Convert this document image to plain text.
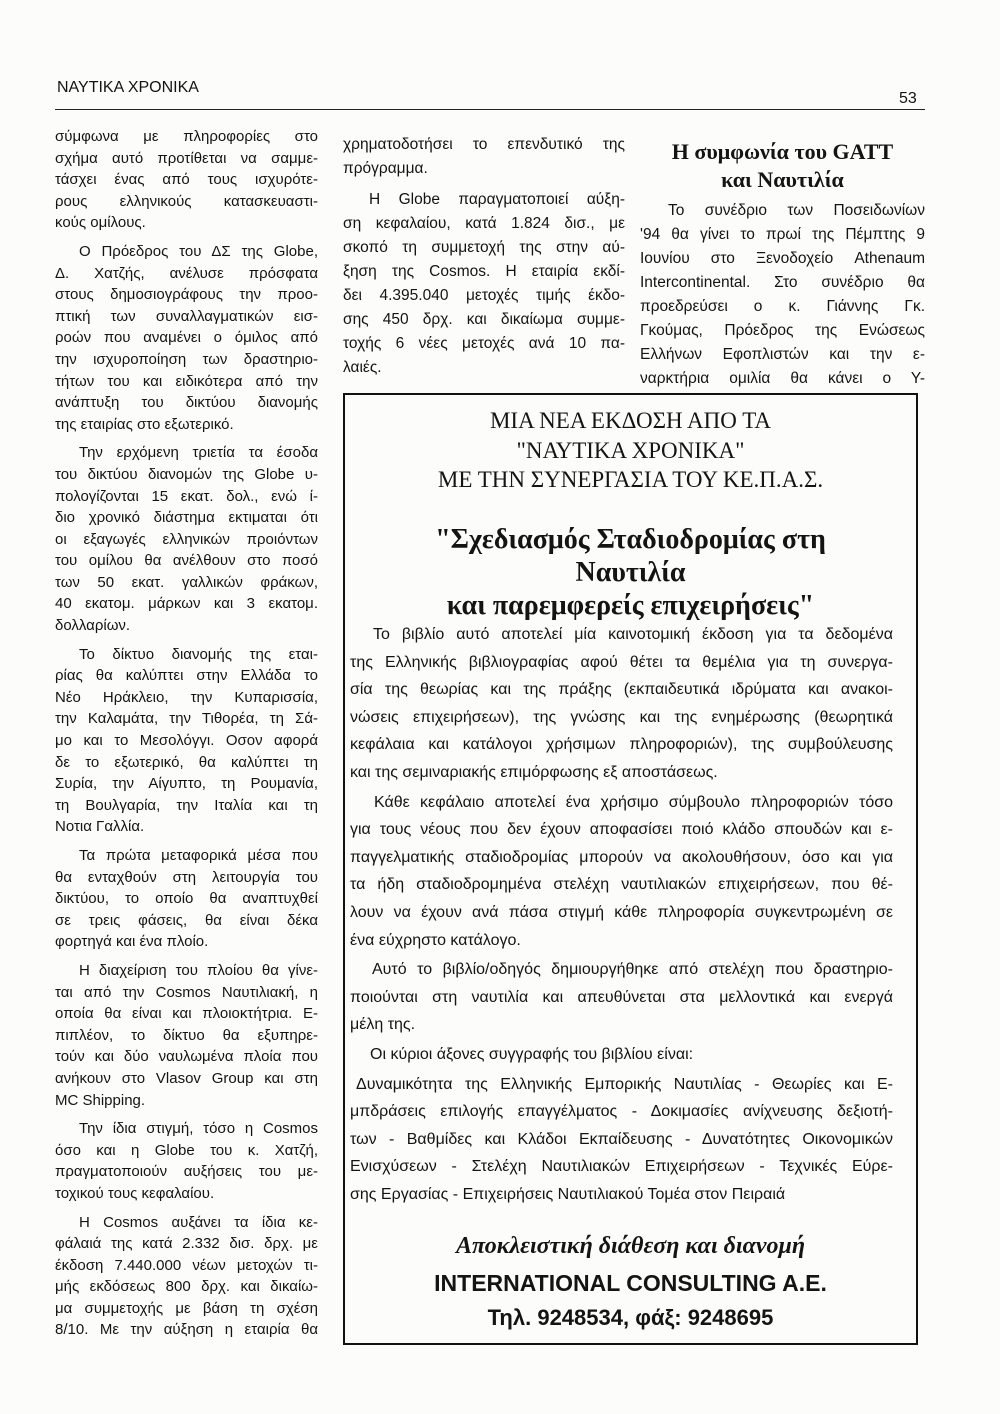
ΝΑΥΤΙΚΑ ΧΡΟΝΙΚΑ
53
σύμφωνα με πληροφορίες στο
σχήμα αυτό προτίθεται να σαμμε-
τάσχει ένας από τους ισχυρότε-
ρους ελληνικούς κατασκευαστι-
κούς ομίλους.
Ο Πρόεδρος του ΔΣ της Globe,
Δ. Χατζής, ανέλυσε πρόσφατα
στους δημοσιογράφους την προο-
πτική των συναλλαγματικών εισ-
ροών που αναμένει ο όμιλος από
την ισχυροποίηση των δραστηριο-
τήτων του και ειδικότερα από την
ανάπτυξη του δικτύου διανομής
της εταιρίας στο εξωτερικό.
Την ερχόμενη τριετία τα έσοδα
του δικτύου διανομών της Globe υ-
πολογίζονται 15 εκατ. δολ., ενώ ί-
διο χρονικό διάστημα εκτιμαται ότι
οι εξαγωγές ελληνικών προιόντων
του ομίλου θα ανέλθουν στο ποσό
των 50 εκατ. γαλλικών φράκων,
40 εκατομ. μάρκων και 3 εκατομ.
δολλαρίων.
Το δίκτυο διανομής της εται-
ρίας θα καλύπτει στην Ελλάδα το
Νέο Ηράκλειο, την Κυπαρισσία,
την Καλαμάτα, την Τιθορέα, τη Σά-
μο και το Μεσολόγγι. Οσον αφορά
δε το εξωτερικό, θα καλύπτει τη
Συρία, την Αίγυπτο, τη Ρουμανία,
τη Βουλγαρία, την Ιταλία και τη
Νοτια Γαλλία.
Τα πρώτα μεταφορικά μέσα που
θα ενταχθούν στη λειτουργία του
δικτύου, το οποίο θα αναπτυχθεί
σε τρεις φάσεις, θα είναι δέκα
φορτηγά και ένα πλοίο.
Η διαχείριση του πλοίου θα γίνε-
ται από την Cosmos Ναυτιλιακή, η
οποία θα είναι και πλοιοκτήτρια. Ε-
πιπλέον, το δίκτυο θα εξυπηρε-
τούν και δύο ναυλωμένα πλοία που
ανήκουν στο Vlasov Group και στη
MC Shipping.
Την ίδια στιγμή, τόσο η Cosmos
όσο και η Globe του κ. Χατζή,
πραγματοποιούν αυξήσεις του με-
τοχικού τους κεφαλαίου.
Η Cosmos αυξάνει τα ίδια κε-
φάλαιά της κατά 2.332 δισ. δρχ. με
έκδοση 7.440.000 νέων μετοχών τι-
μής εκδόσεως 800 δρχ. και δικαίω-
μα συμμετοχής με βάση τη σχέση
8/10. Με την αύξηση η εταιρία θα
χρηματοδοτήσει το επενδυτικό της
πρόγραμμα.
Η Globe παραγματοποιεί αύξη-
ση κεφαλαίου, κατά 1.824 δισ., με
σκοπό τη συμμετοχή της στην αύ-
ξηση της Cosmos. Η εταιρία εκδί-
δει 4.395.040 μετοχές τιμής έκδο-
σης 450 δρχ. και δικαίωμα συμμε-
τοχής 6 νέες μετοχές ανά 10 πα-
λαιές.
Η συμφωνία του GATT
και Ναυτιλία
Το συνέδριο των Ποσειδωνίων
'94 θα γίνει το πρωί της Πέμπτης 9
Ιουνίου στο Ξενοδοχείο Athenaum
Intercontinental. Στο συνέδριο θα
προεδρεύσει ο κ. Γιάννης Γκ.
Γκούμας, Πρόεδρος της Ενώσεως
Ελλήνων Εφοπλιστών και την ε-
ναρκτήρια ομιλία θα κάνει ο Υ-
ΜΙΑ ΝΕΑ ΕΚΔΟΣΗ ΑΠΟ ΤΑ
"ΝΑΥΤΙΚΑ ΧΡΟΝΙΚΑ"
ΜΕ ΤΗΝ ΣΥΝΕΡΓΑΣΙΑ ΤΟΥ ΚΕ.Π.Α.Σ.
"Σχεδιασμός Σταδιοδρομίας στη
Ναυτιλία
και παρεμφερείς επιχειρήσεις"
Το βιβλίο αυτό αποτελεί μία καινοτομική έκδοση για τα δεδομένα
της Ελληνικής βιβλιογραφίας αφού θέτει τα θεμέλια για τη συνεργα-
σία της θεωρίας και της πράξης (εκπαιδευτικά ιδρύματα και ανακοι-
νώσεις επιχειρήσεων), της γνώσης και της ενημέρωσης (θεωρητικά
κεφάλαια και κατάλογοι χρήσιμων πληροφοριών), της συμβούλευσης
και της σεμιναριακής επιμόρφωσης εξ αποστάσεως.
Κάθε κεφάλαιο αποτελεί ένα χρήσιμο σύμβουλο πληροφοριών τόσο
για τους νέους που δεν έχουν αποφασίσει ποιό κλάδο σπουδών και ε-
παγγελματικής σταδιοδρομίας μπορούν να ακολουθήσουν, όσο και για
τα ήδη σταδιοδρομημένα στελέχη ναυτιλιακών επιχειρήσεων, που θέ-
λουν να έχουν ανά πάσα στιγμή κάθε πληροφορία συγκεντρωμένη σε
ένα εύχρηστο κατάλογο.
Αυτό το βιβλίο/οδηγός δημιουργήθηκε από στελέχη που δραστηριο-
ποιούνται στη ναυτιλία και απευθύνεται στα μελλοντικά και ενεργά
μέλη της.
Οι κύριοι άξονες συγγραφής του βιβλίου είναι:
Δυναμικότητα της Ελληνικής Εμπορικής Ναυτιλίας - Θεωρίες και Ε-
μπδράσεις επιλογής επαγγέλματος - Δοκιμασίες ανίχνευσης δεξιοτή-
των - Βαθμίδες και Κλάδοι Εκπαίδευσης - Δυνατότητες Οικονομικών
Ενισχύσεων - Στελέχη Ναυτιλιακών Επιχειρήσεων - Τεχνικές Εύρε-
σης Εργασίας - Επιχειρήσεις Ναυτιλιακού Τομέα στον Πειραιά
Αποκλειστική διάθεση και διανομή
INTERNATIONAL CONSULTING A.E.
Τηλ. 9248534, φάξ: 9248695
